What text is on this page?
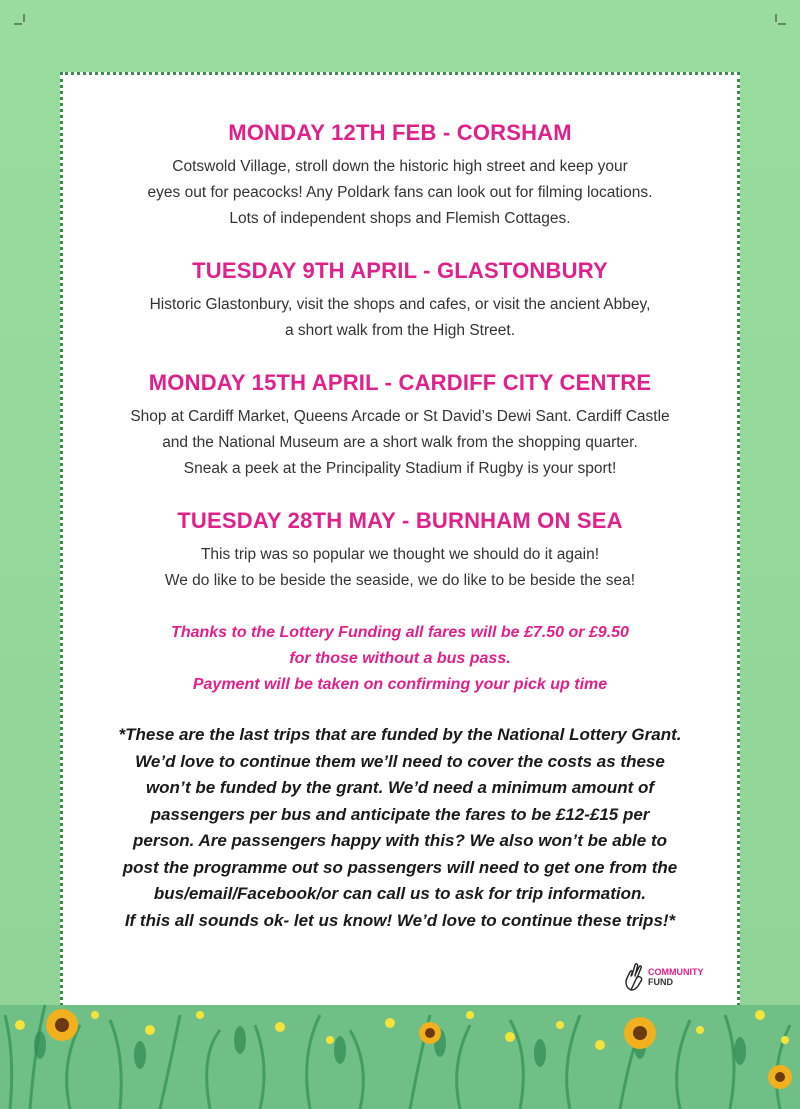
MONDAY 12TH FEB - CORSHAM

Cotswold Village, stroll down the historic high street and keep your

eyes out for peacocks! Any Poldark fans can look out for filming locations.

Lots of independent shops and Flemish Cottages.

TUESDAY 9TH APRIL - GLASTONBURY

Historic Glastonbury, visit the shops and cafes, or visit the ancient Abbey,

a short walk from the High Street.

MONDAY 15TH APRIL - CARDIFF CITY CENTRE

Shop at Cardiff Market, Queens Arcade or St David’s Dewi Sant. Cardiff Castle

and the National Museum are a short walk from the shopping quarter.

Sneak a peek at the Principality Stadium if Rugby is your sport!

TUESDAY 28TH MAY - BURNHAM ON SEA

This trip was so popular we thought we should do it again!

We do like to be beside the seaside, we do like to be beside the sea!

Thanks to the Lottery Funding all fares will be £7.50 or £9.50

for those without a bus pass.

Payment will be taken on confirming your pick up time

*These are the last trips that are funded by the National Lottery Grant.

We’d love to continue them we’ll need to cover the costs as these

won’t be funded by the grant. We’d need a minimum amount of

passengers per bus and anticipate the fares to be £12-£15 per

person. Are passengers happy with this? We also won’t be able to

post the programme out so passengers will need to get one from the

bus/email/Facebook/or can call us to ask for trip information.

If this all sounds ok- let us know! We’d love to continue these trips!*

COMMUNITY
FUND
